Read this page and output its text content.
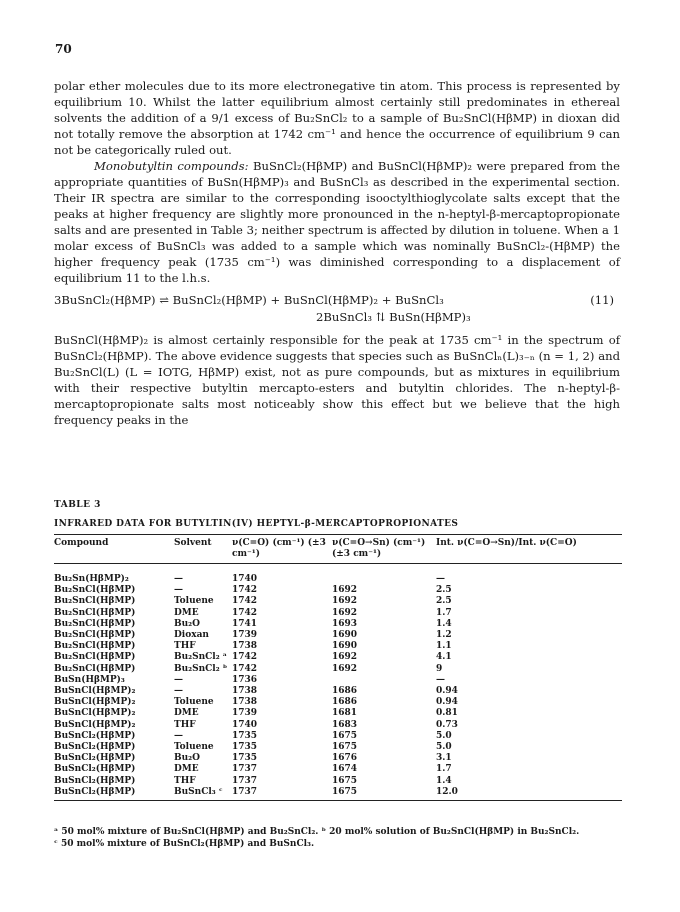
70

polar ether molecules due to its more electronegative tin atom. This process is represented by equilibrium 10. Whilst the latter equilibrium almost certainly still predominates in ethereal solvents the addition of a 9/1 excess of Bu₂SnCl₂ to a sample of Bu₂SnCl(HβMP) in dioxan did not totally remove the absorption at 1742 cm⁻¹ and hence the occurrence of equilibrium 9 can not be categorically ruled out.

Monobutyltin compounds: BuSnCl₂(HβMP) and BuSnCl(HβMP)₂ were prepared from the appropriate quantities of BuSn(HβMP)₃ and BuSnCl₃ as described in the experimental section. Their IR spectra are similar to the corresponding isooctylthioglycolate salts except that the peaks at higher frequency are slightly more pronounced in the n-heptyl-β-mercaptopropionate salts and are presented in Table 3; neither spectrum is affected by dilution in toluene. When a 1 molar excess of BuSnCl₃ was added to a sample which was nominally BuSnCl₂-(HβMP) the higher frequency peak (1735 cm⁻¹) was diminished corresponding to a displacement of equilibrium 11 to the l.h.s.

3BuSnCl₂(HβMP) ⇌ BuSnCl₂(HβMP) + BuSnCl(HβMP)₂ + BuSnCl₃	(11)
2BuSnCl₃ ⇅ BuSn(HβMP)₃

BuSnCl(HβMP)₂ is almost certainly responsible for the peak at 1735 cm⁻¹ in the spectrum of BuSnCl₂(HβMP). The above evidence suggests that species such as BuSnClₙ(L)₃₋ₙ (n = 1, 2) and Bu₂SnCl(L) (L = IOTG, HβMP) exist, not as pure compounds, but as mixtures in equilibrium with their respective butyltin mercapto-esters and butyltin chlorides. The n-heptyl-β-mercaptopropionate salts most noticeably show this effect but we believe that the high frequency peaks in the

TABLE 3
INFRARED DATA FOR BUTYLTIN(IV) HEPTYL-β-MERCAPTOPROPIONATES
Compound	Solvent	ν(C=O) (cm⁻¹) (±3 cm⁻¹)	ν(C=O→Sn) (cm⁻¹) (±3 cm⁻¹)	Int. ν(C=O→Sn)/Int. ν(C=O)
Bu₂Sn(HβMP)₂	—	1740		—
Bu₂SnCl(HβMP)	—	1742	1692	2.5
Bu₂SnCl(HβMP)	Toluene	1742	1692	2.5
Bu₂SnCl(HβMP)	DME	1742	1692	1.7
Bu₂SnCl(HβMP)	Bu₂O	1741	1693	1.4
Bu₂SnCl(HβMP)	Dioxan	1739	1690	1.2
Bu₂SnCl(HβMP)	THF	1738	1690	1.1
Bu₂SnCl(HβMP)	Bu₂SnCl₂ ᵃ	1742	1692	4.1
Bu₂SnCl(HβMP)	Bu₂SnCl₂ ᵇ	1742	1692	9
BuSn(HβMP)₃	—	1736		—
BuSnCl(HβMP)₂	—	1738	1686	0.94
BuSnCl(HβMP)₂	Toluene	1738	1686	0.94
BuSnCl(HβMP)₂	DME	1739	1681	0.81
BuSnCl(HβMP)₂	THF	1740	1683	0.73
BuSnCl₂(HβMP)	—	1735	1675	5.0
BuSnCl₂(HβMP)	Toluene	1735	1675	5.0
BuSnCl₂(HβMP)	Bu₂O	1735	1676	3.1
BuSnCl₂(HβMP)	DME	1737	1674	1.7
BuSnCl₂(HβMP)	THF	1737	1675	1.4
BuSnCl₂(HβMP)	BuSnCl₃ ᶜ	1737	1675	12.0

ᵃ 50 mol% mixture of Bu₂SnCl(HβMP) and Bu₂SnCl₂. ᵇ 20 mol% solution of Bu₂SnCl(HβMP) in Bu₂SnCl₂.

ᶜ 50 mol% mixture of BuSnCl₂(HβMP) and BuSnCl₃.
